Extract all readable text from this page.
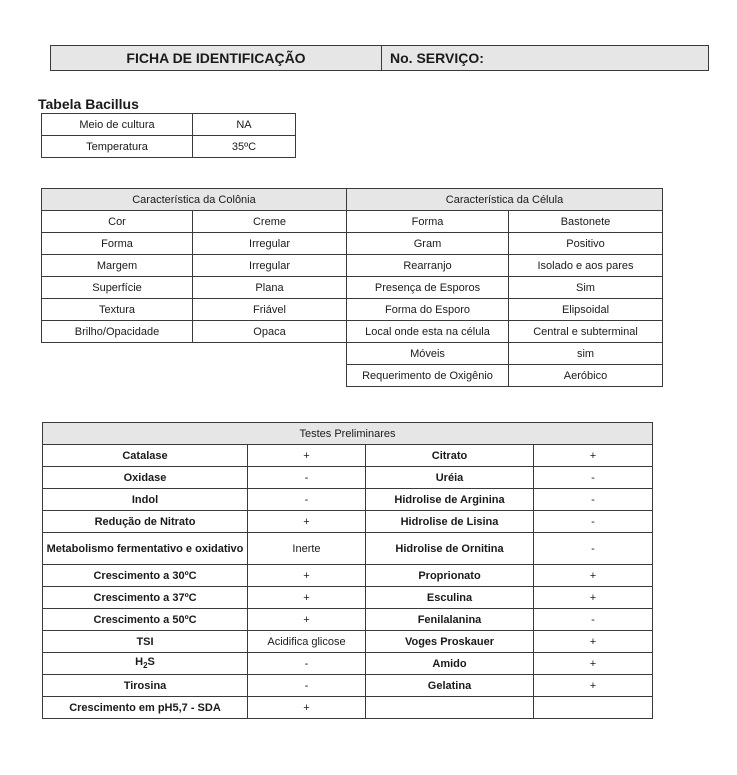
FICHA DE IDENTIFICAÇÃO	No. SERVIÇO:
Tabela Bacillus
Meio de cultura	NA
Temperatura	35ºC
Característica da Colônia	
Cor	Creme
Forma	Irregular
Margem	Irregular
Superfície	Plana
Textura	Friável
Brilho/Opacidade	Opaca
Característica da Célula	
Forma	Bastonete
Gram	Positivo
Rearranjo	Isolado e aos pares
Presença de Esporos	Sim
Forma do Esporo	Elipsoidal
Local onde esta na célula	Central e subterminal
Móveis	sim
Requerimento de Oxigênio	Aeróbico
Testes Preliminares			
Catalase	+	Citrato	+
Oxidase	-	Uréia	-
Indol	-	Hidrolise de Arginina	-
Redução de Nitrato	+	Hidrolise de Lisina	-
Metabolismo fermentativo e oxidativo	Inerte	Hidrolise de Ornitina	-
Crescimento a 30ºC	+	Proprionato	+
Crescimento a 37ºC	+	Esculina	+
Crescimento a 50ºC	+	Fenilalanina	-
TSI	Acidifica glicose	Voges Proskauer	+
$H_2S$	-	Amido	+
Tirosina	-	Gelatina	+
Crescimento em pH5,7 - SDA	+		
